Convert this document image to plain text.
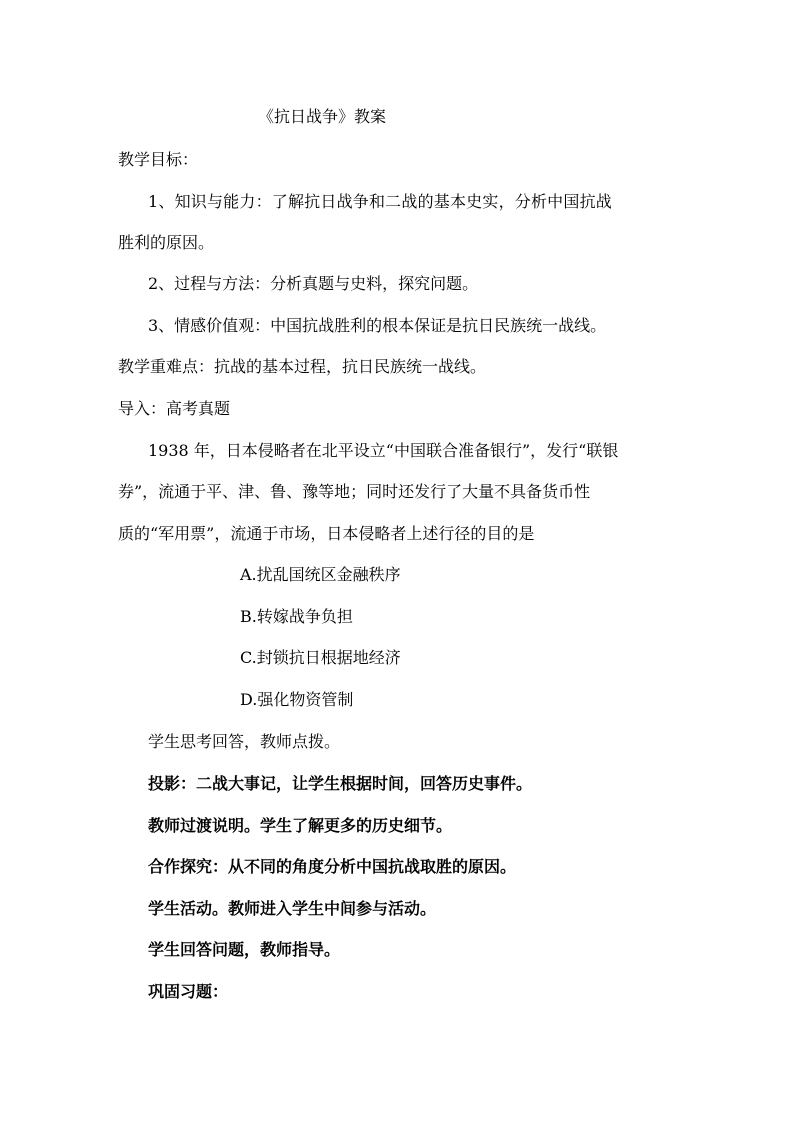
《抗日战争》教案
教学目标：
1、知识与能力：了解抗日战争和二战的基本史实，分析中国抗战
胜利的原因。
2、过程与方法：分析真题与史料，探究问题。
3、情感价值观：中国抗战胜利的根本保证是抗日民族统一战线。
教学重难点：抗战的基本过程，抗日民族统一战线。
导入：高考真题
1938 年，日本侵略者在北平设立“中国联合准备银行”，发行“联银
券”，流通于平、津、鲁、豫等地；同时还发行了大量不具备货币性
质的“军用票”，流通于市场，日本侵略者上述行径的目的是
A.扰乱国统区金融秩序
B.转嫁战争负担
C.封锁抗日根据地经济
D.强化物资管制
学生思考回答，教师点拨。
投影：二战大事记，让学生根据时间，回答历史事件。
教师过渡说明。学生了解更多的历史细节。
合作探究：从不同的角度分析中国抗战取胜的原因。
学生活动。教师进入学生中间参与活动。
学生回答问题，教师指导。
巩固习题：
